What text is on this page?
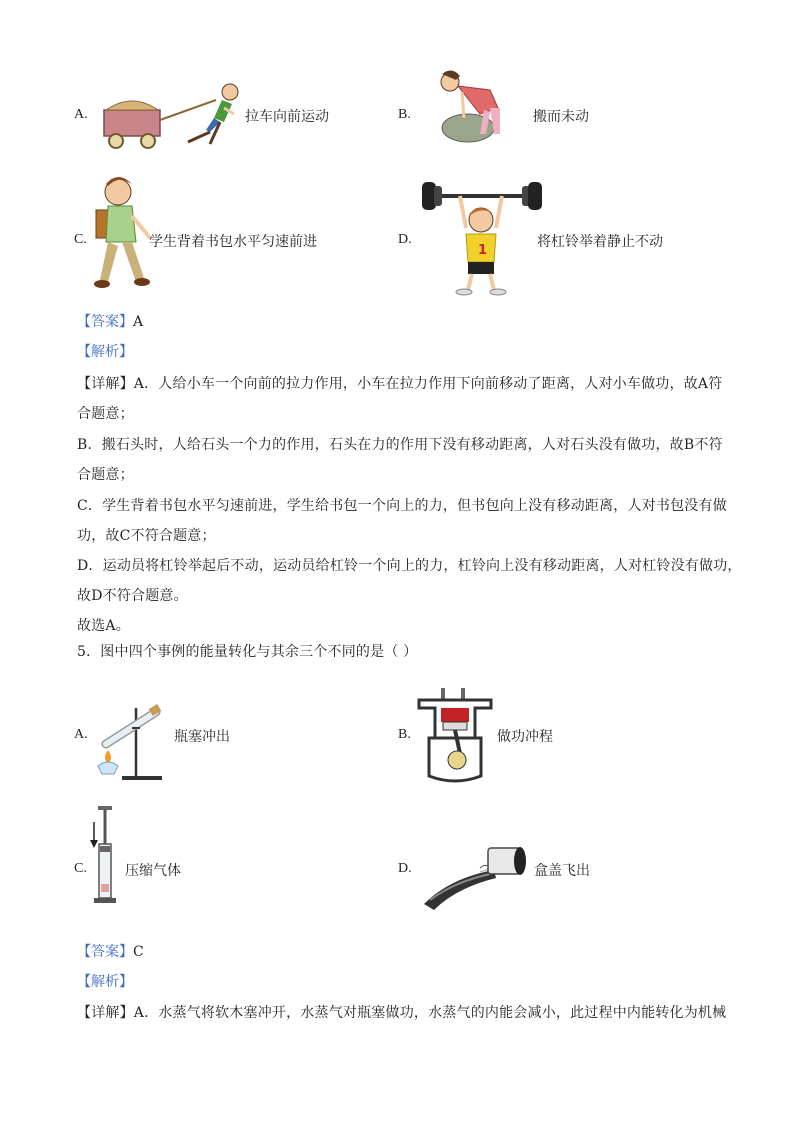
A.	拉车向前运动	B.	搬而未动
C.	学生背着书包水平匀速前进	D.
1
将杠铃举着静止不动
【答案】A
【解析】
【详解】A．人给小车一个向前的拉力作用，小车在拉力作用下向前移动了距离，人对小车做功，故A符
合题意；
B．搬石头时，人给石头一个力的作用，石头在力的作用下没有移动距离，人对石头没有做功，故B不符
合题意；
C．学生背着书包水平匀速前进，学生给书包一个向上的力，但书包向上没有移动距离，人对书包没有做
功，故C不符合题意；
D．运动员将杠铃举起后不动，运动员给杠铃一个向上的力，杠铃向上没有移动距离，人对杠铃没有做功，
故D不符合题意。
故选A。
5．图中四个事例的能量转化与其余三个不同的是（ ）
A.	瓶塞冲出	B.	做功冲程
C.	压缩气体	D.	盒盖飞出
【答案】C
【解析】
【详解】A．水蒸气将软木塞冲开，水蒸气对瓶塞做功，水蒸气的内能会减小，此过程中内能转化为机械
